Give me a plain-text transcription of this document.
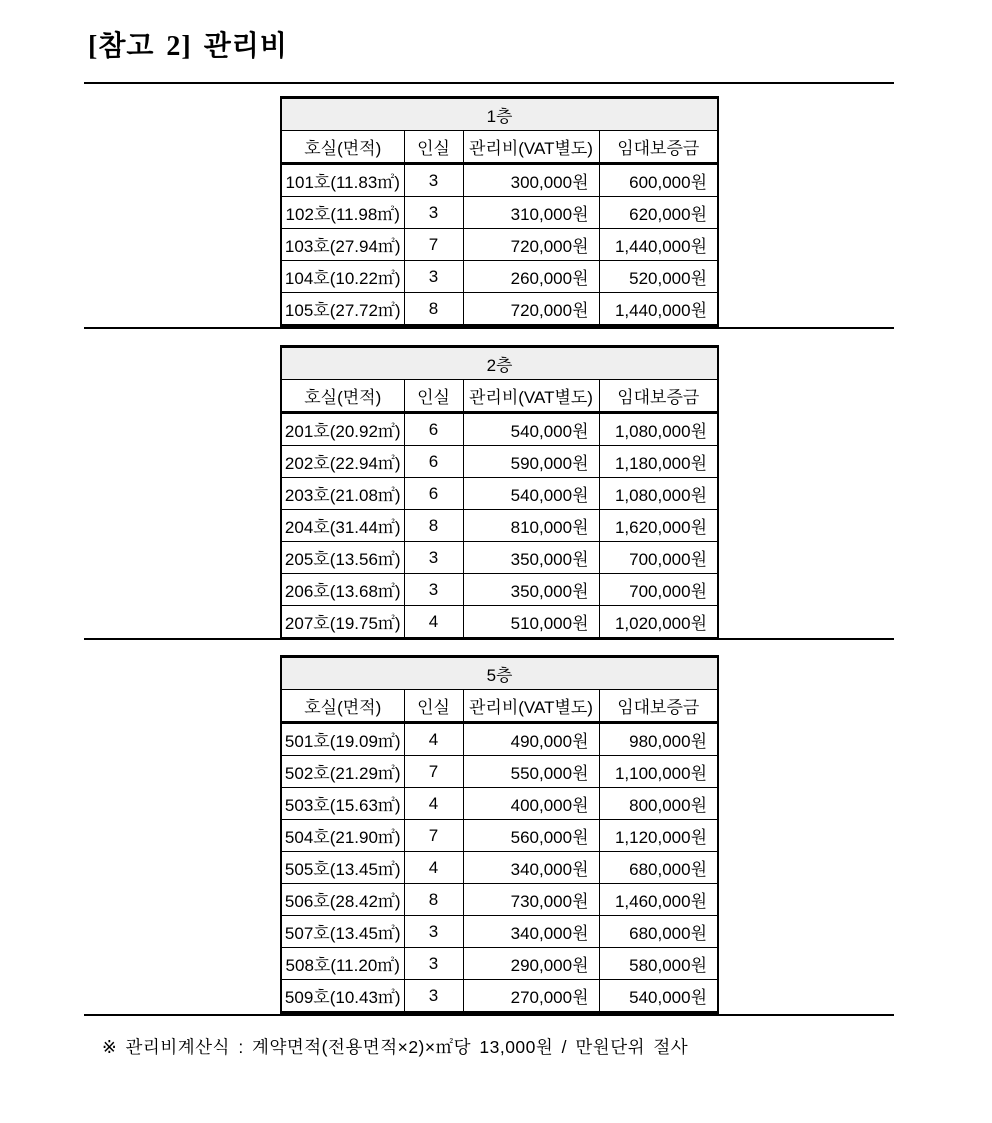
[참고 2] 관리비
1층			
호실(면적)	인실	관리비(VAT별도)	임대보증금
101호(11.83㎡)	3	300,000원	600,000원
102호(11.98㎡)	3	310,000원	620,000원
103호(27.94㎡)	7	720,000원	1,440,000원
104호(10.22㎡)	3	260,000원	520,000원
105호(27.72㎡)	8	720,000원	1,440,000원
2층			
호실(면적)	인실	관리비(VAT별도)	임대보증금
201호(20.92㎡)	6	540,000원	1,080,000원
202호(22.94㎡)	6	590,000원	1,180,000원
203호(21.08㎡)	6	540,000원	1,080,000원
204호(31.44㎡)	8	810,000원	1,620,000원
205호(13.56㎡)	3	350,000원	700,000원
206호(13.68㎡)	3	350,000원	700,000원
207호(19.75㎡)	4	510,000원	1,020,000원
5층			
호실(면적)	인실	관리비(VAT별도)	임대보증금
501호(19.09㎡)	4	490,000원	980,000원
502호(21.29㎡)	7	550,000원	1,100,000원
503호(15.63㎡)	4	400,000원	800,000원
504호(21.90㎡)	7	560,000원	1,120,000원
505호(13.45㎡)	4	340,000원	680,000원
506호(28.42㎡)	8	730,000원	1,460,000원
507호(13.45㎡)	3	340,000원	680,000원
508호(11.20㎡)	3	290,000원	580,000원
509호(10.43㎡)	3	270,000원	540,000원
※ 관리비계산식 : 계약면적(전용면적×2)×㎡당 13,000원 / 만원단위 절사
